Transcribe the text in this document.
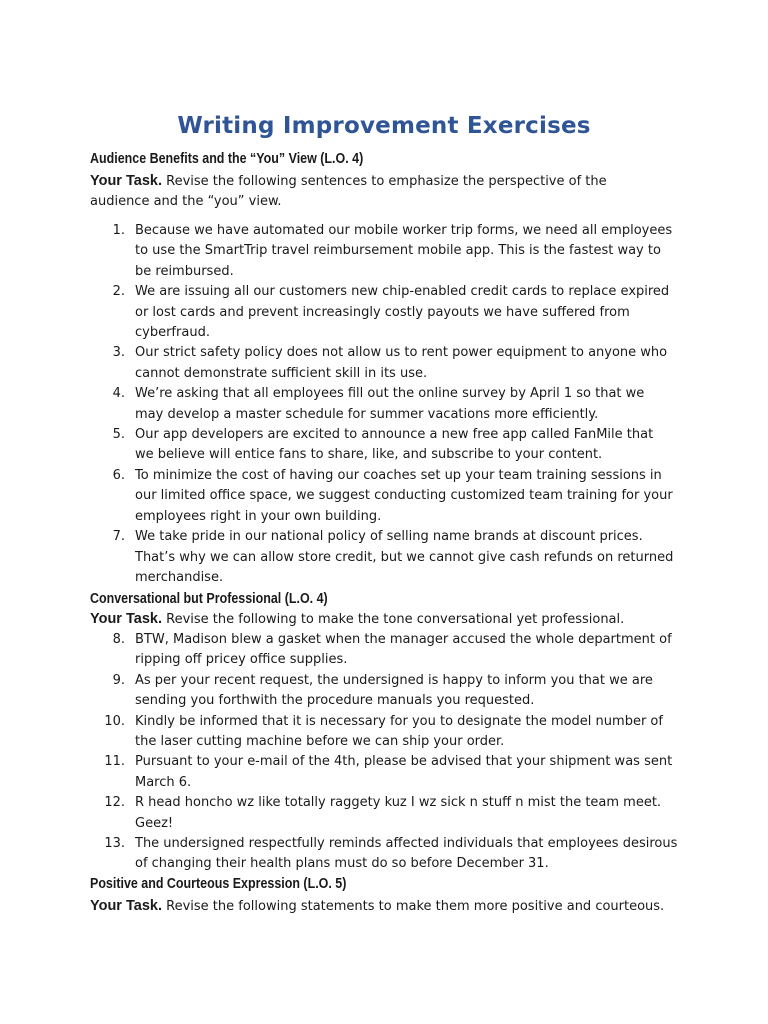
Writing Improvement Exercises
Audience Benefits and the “You” View (L.O. 4)
Your Task. Revise the following sentences to emphasize the perspective of the audience and the “you” view.
1. Because we have automated our mobile worker trip forms, we need all employees to use the SmartTrip travel reimbursement mobile app. This is the fastest way to be reimbursed.
2. We are issuing all our customers new chip-enabled credit cards to replace expired or lost cards and prevent increasingly costly payouts we have suffered from cyberfraud.
3. Our strict safety policy does not allow us to rent power equipment to anyone who cannot demonstrate sufficient skill in its use.
4. We’re asking that all employees fill out the online survey by April 1 so that we may develop a master schedule for summer vacations more efficiently.
5. Our app developers are excited to announce a new free app called FanMile that we believe will entice fans to share, like, and subscribe to your content.
6. To minimize the cost of having our coaches set up your team training sessions in our limited office space, we suggest conducting customized team training for your employees right in your own building.
7. We take pride in our national policy of selling name brands at discount prices. That’s why we can allow store credit, but we cannot give cash refunds on returned merchandise.
Conversational but Professional (L.O. 4)
Your Task. Revise the following to make the tone conversational yet professional.
8. BTW, Madison blew a gasket when the manager accused the whole department of ripping off pricey office supplies.
9. As per your recent request, the undersigned is happy to inform you that we are sending you forthwith the procedure manuals you requested.
10. Kindly be informed that it is necessary for you to designate the model number of the laser cutting machine before we can ship your order.
11. Pursuant to your e-mail of the 4th, please be advised that your shipment was sent March 6.
12. R head honcho wz like totally raggety kuz I wz sick n stuff n mist the team meet. Geez!
13. The undersigned respectfully reminds affected individuals that employees desirous of changing their health plans must do so before December 31.
Positive and Courteous Expression (L.O. 5)
Your Task. Revise the following statements to make them more positive and courteous.
